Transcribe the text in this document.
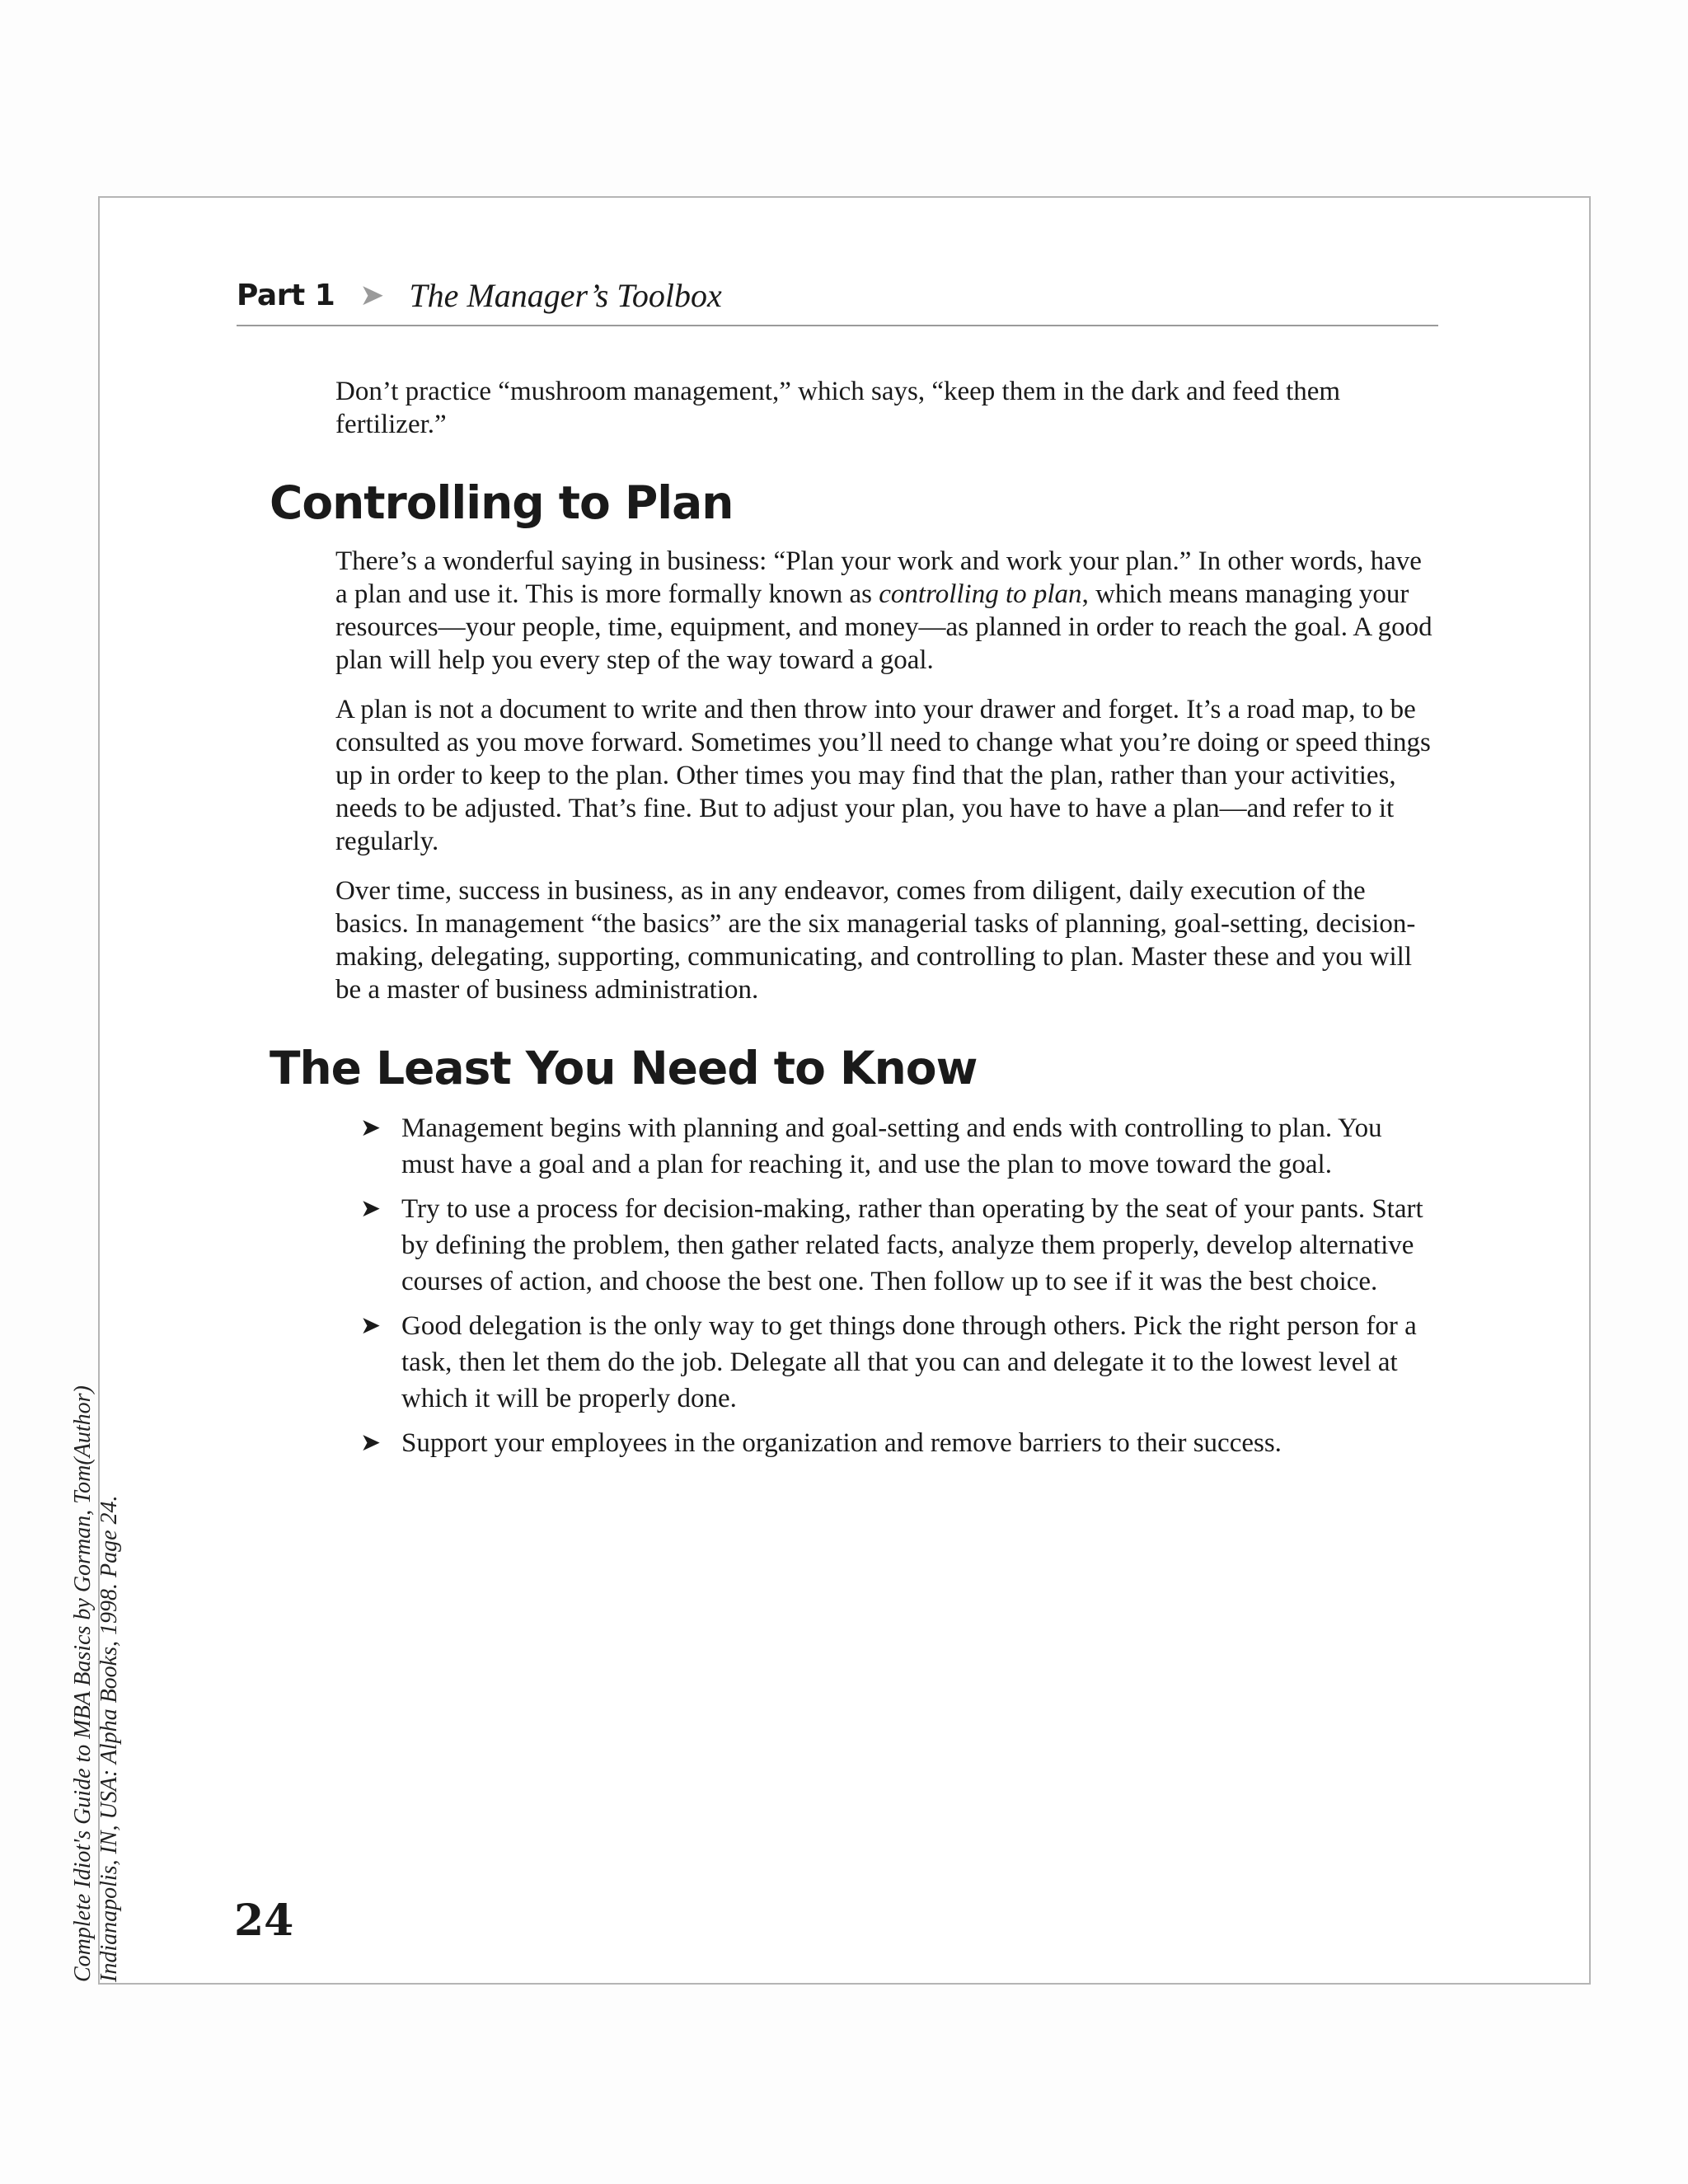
Part 1 ➤ The Manager’s Toolbox

Don’t practice “mushroom management,” which says, “keep them in the dark and feed them fertilizer.”

Controlling to Plan

There’s a wonderful saying in business: “Plan your work and work your plan.” In other words, have a plan and use it. This is more formally known as controlling to plan, which means managing your resources—your people, time, equipment, and money—as planned in order to reach the goal. A good plan will help you every step of the way toward a goal.

A plan is not a document to write and then throw into your drawer and forget. It’s a road map, to be consulted as you move forward. Sometimes you’ll need to change what you’re doing or speed things up in order to keep to the plan. Other times you may find that the plan, rather than your activities, needs to be adjusted. That’s fine. But to adjust your plan, you have to have a plan—and refer to it regularly.

Over time, success in business, as in any endeavor, comes from diligent, daily execution of the basics. In management “the basics” are the six managerial tasks of planning, goal-setting, decision-making, delegating, supporting, communicating, and controlling to plan. Master these and you will be a master of business administration.

The Least You Need to Know
➤ Management begins with planning and goal-setting and ends with controlling to plan. You must have a goal and a plan for reaching it, and use the plan to move toward the goal.
➤ Try to use a process for decision-making, rather than operating by the seat of your pants. Start by defining the problem, then gather related facts, analyze them properly, develop alternative courses of action, and choose the best one. Then follow up to see if it was the best choice.
➤ Good delegation is the only way to get things done through others. Pick the right person for a task, then let them do the job. Delegate all that you can and delegate it to the lowest level at which it will be properly done.
➤ Support your employees in the organization and remove barriers to their success.
24
Complete Idiot's Guide to MBA Basics by Gorman, Tom(Author) Indianapolis, IN, USA: Alpha Books, 1998. Page 24.
